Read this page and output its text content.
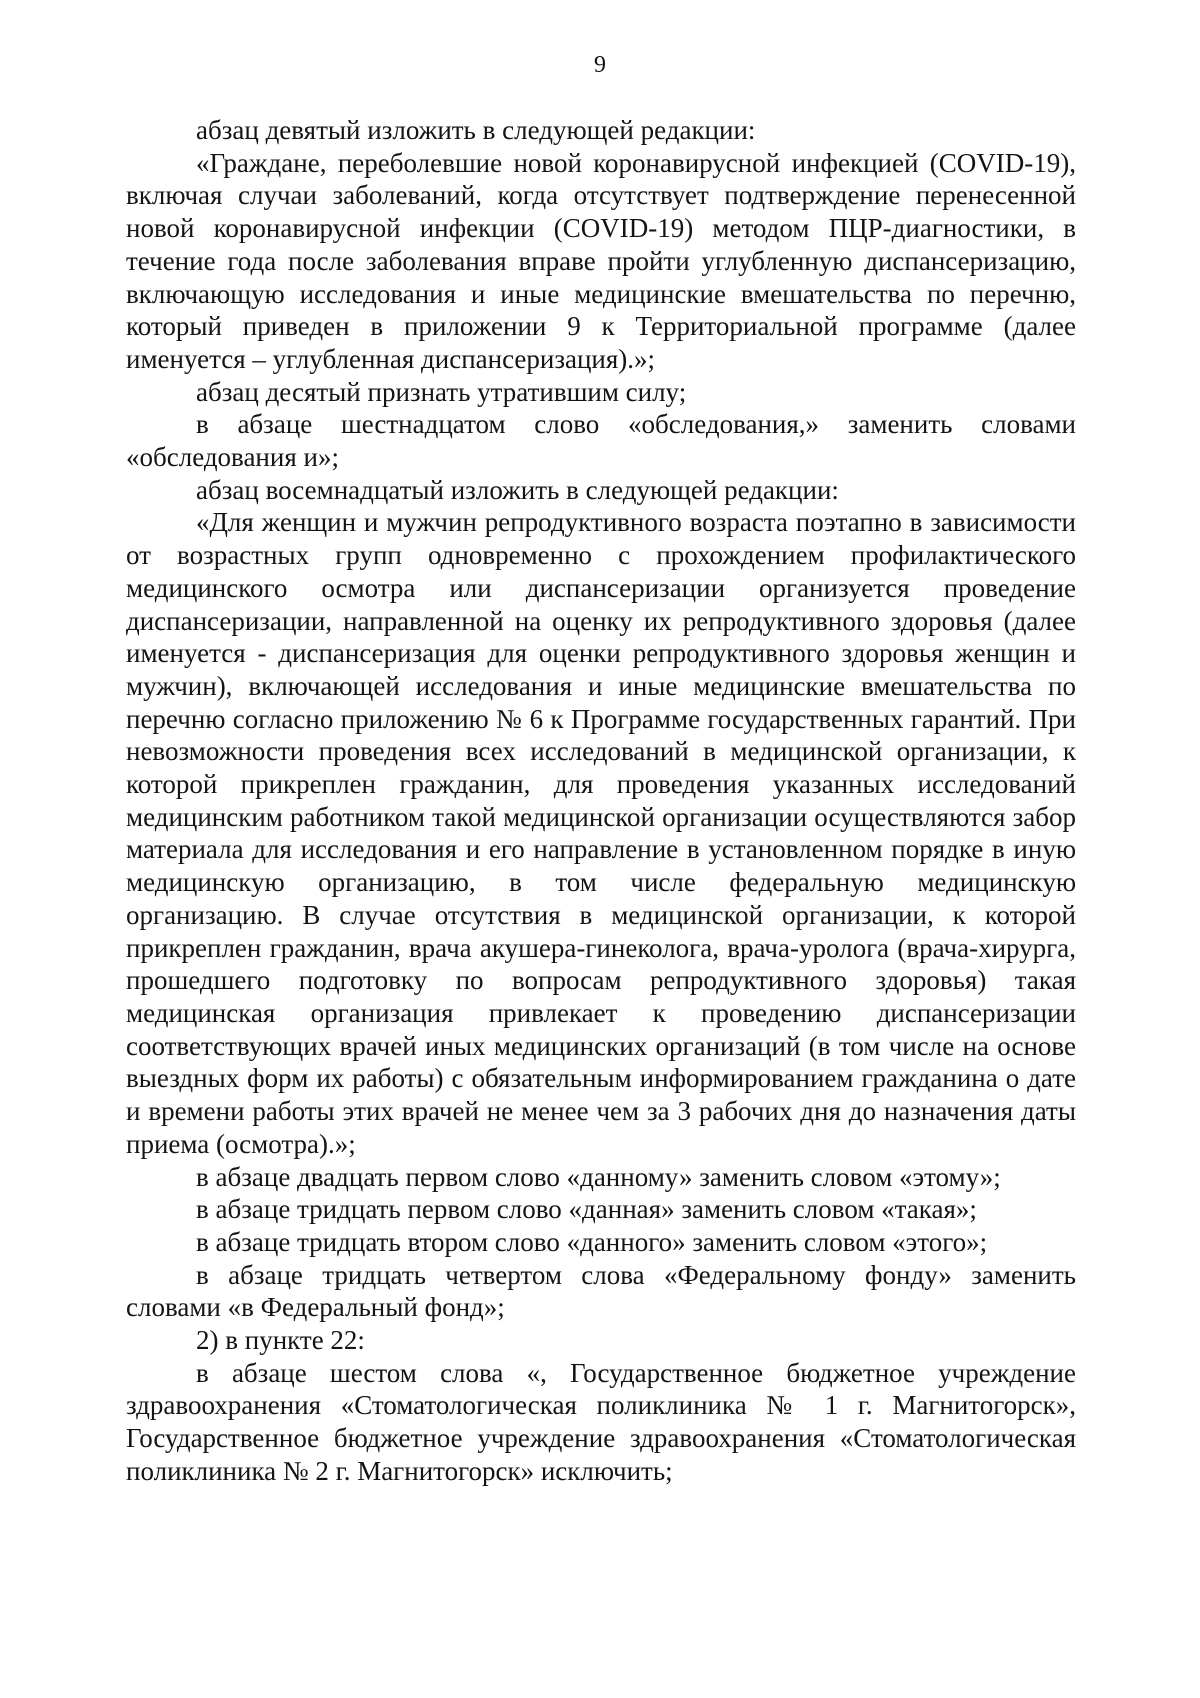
9

абзац девятый изложить в следующей редакции:

«Граждане, переболевшие новой коронавирусной инфекцией (COVID-19), включая случаи заболеваний, когда отсутствует подтверждение перенесенной новой коронавирусной инфекции (COVID-19) методом ПЦР-диагностики, в течение года после заболевания вправе пройти углубленную диспансеризацию, включающую исследования и иные медицинские вмешательства по перечню, который приведен в приложении 9 к Территориальной программе (далее именуется – углубленная диспансеризация).»;

абзац десятый признать утратившим силу;

в абзаце шестнадцатом слово «обследования,» заменить словами «обследования и»;

абзац восемнадцатый изложить в следующей редакции:

«Для женщин и мужчин репродуктивного возраста поэтапно в зависимости от возрастных групп одновременно с прохождением профилактического медицинского осмотра или диспансеризации организуется проведение диспансеризации, направленной на оценку их репродуктивного здоровья (далее именуется - диспансеризация для оценки репродуктивного здоровья женщин и мужчин), включающей исследования и иные медицинские вмешательства по перечню согласно приложению № 6 к Программе государственных гарантий. При невозможности проведения всех исследований в медицинской организации, к которой прикреплен гражданин, для проведения указанных исследований медицинским работником такой медицинской организации осуществляются забор материала для исследования и его направление в установленном порядке в иную медицинскую организацию, в том числе федеральную медицинскую организацию. В случае отсутствия в медицинской организации, к которой прикреплен гражданин, врача акушера-гинеколога, врача-уролога (врача-хирурга, прошедшего подготовку по вопросам репродуктивного здоровья) такая медицинская организация привлекает к проведению диспансеризации соответствующих врачей иных медицинских организаций (в том числе на основе выездных форм их работы) с обязательным информированием гражданина о дате и времени работы этих врачей не менее чем за 3 рабочих дня до назначения даты приема (осмотра).»;

в абзаце двадцать первом слово «данному» заменить словом «этому»;

в абзаце тридцать первом слово «данная» заменить словом «такая»;

в абзаце тридцать втором слово «данного» заменить словом «этого»;

в абзаце тридцать четвертом слова «Федеральному фонду» заменить словами «в Федеральный фонд»;

2) в пункте 22:

в абзаце шестом слова «, Государственное бюджетное учреждение здравоохранения «Стоматологическая поликлиника № 1 г. Магнитогорск», Государственное бюджетное учреждение здравоохранения «Стоматологическая поликлиника № 2 г. Магнитогорск» исключить;
